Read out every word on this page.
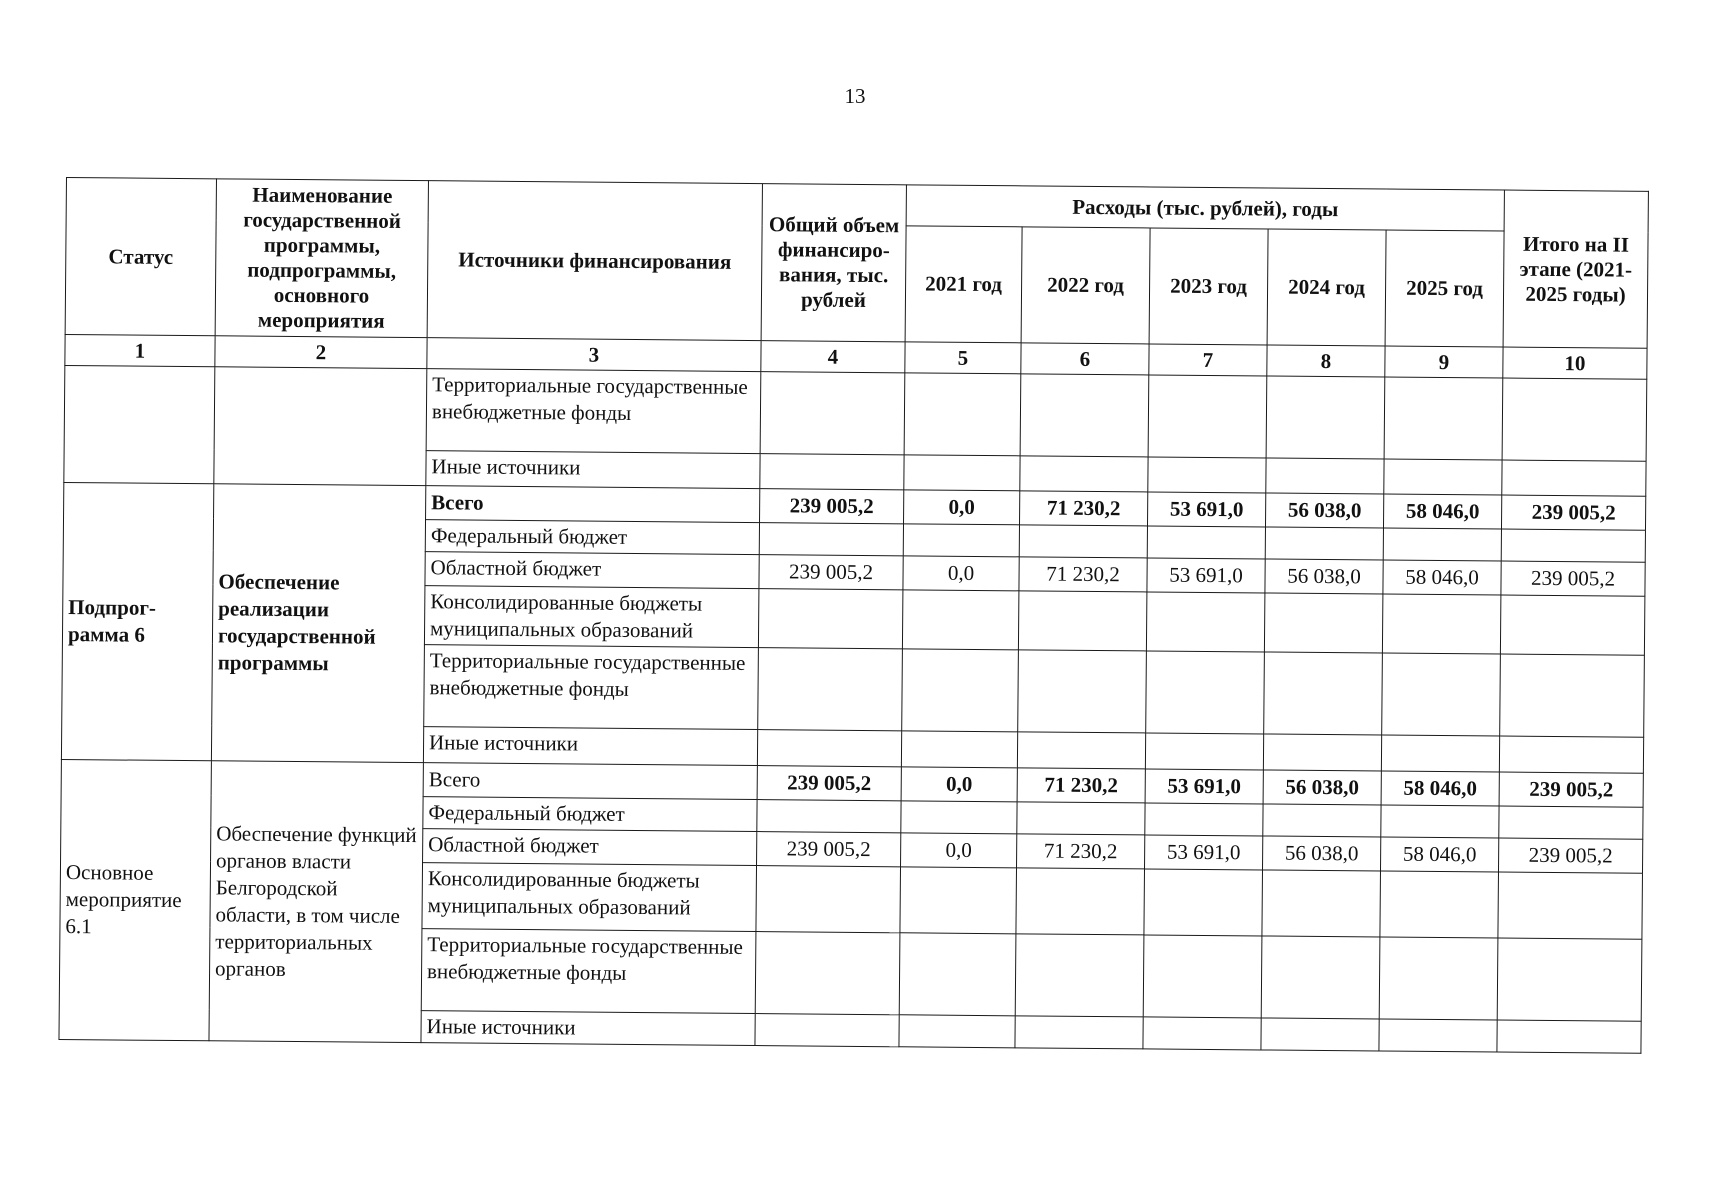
13
Статус	Наименование государственной программы, подпрограммы, основного мероприятия	Источники финансирования	Общий объем финансиро-вания, тыс. рублей	Расходы (тыс. рублей), годы					Итого на II этапе (2021-2025 годы)
				2021 год	2022 год	2023 год	2024 год	2025 год	
1	2	3	4	5	6	7	8	9	10
		Территориальные государственные внебюджетные фонды							
		Иные источники							
Подпрог-рамма 6	Обеспечение реализации государственной программы	Всего	239 005,2	0,0	71 230,2	53 691,0	56 038,0	58 046,0	239 005,2
		Федеральный бюджет							
		Областной бюджет	239 005,2	0,0	71 230,2	53 691,0	56 038,0	58 046,0	239 005,2
		Консолидированные бюджеты муниципальных образований							
		Территориальные государственные внебюджетные фонды							
		Иные источники							
Основное мероприятие 6.1	Обеспечение функций органов власти Белгородской области, в том числе территориальных органов	Всего	239 005,2	0,0	71 230,2	53 691,0	56 038,0	58 046,0	239 005,2
		Федеральный бюджет							
		Областной бюджет	239 005,2	0,0	71 230,2	53 691,0	56 038,0	58 046,0	239 005,2
		Консолидированные бюджеты муниципальных образований							
		Территориальные государственные внебюджетные фонды							
		Иные источники							
